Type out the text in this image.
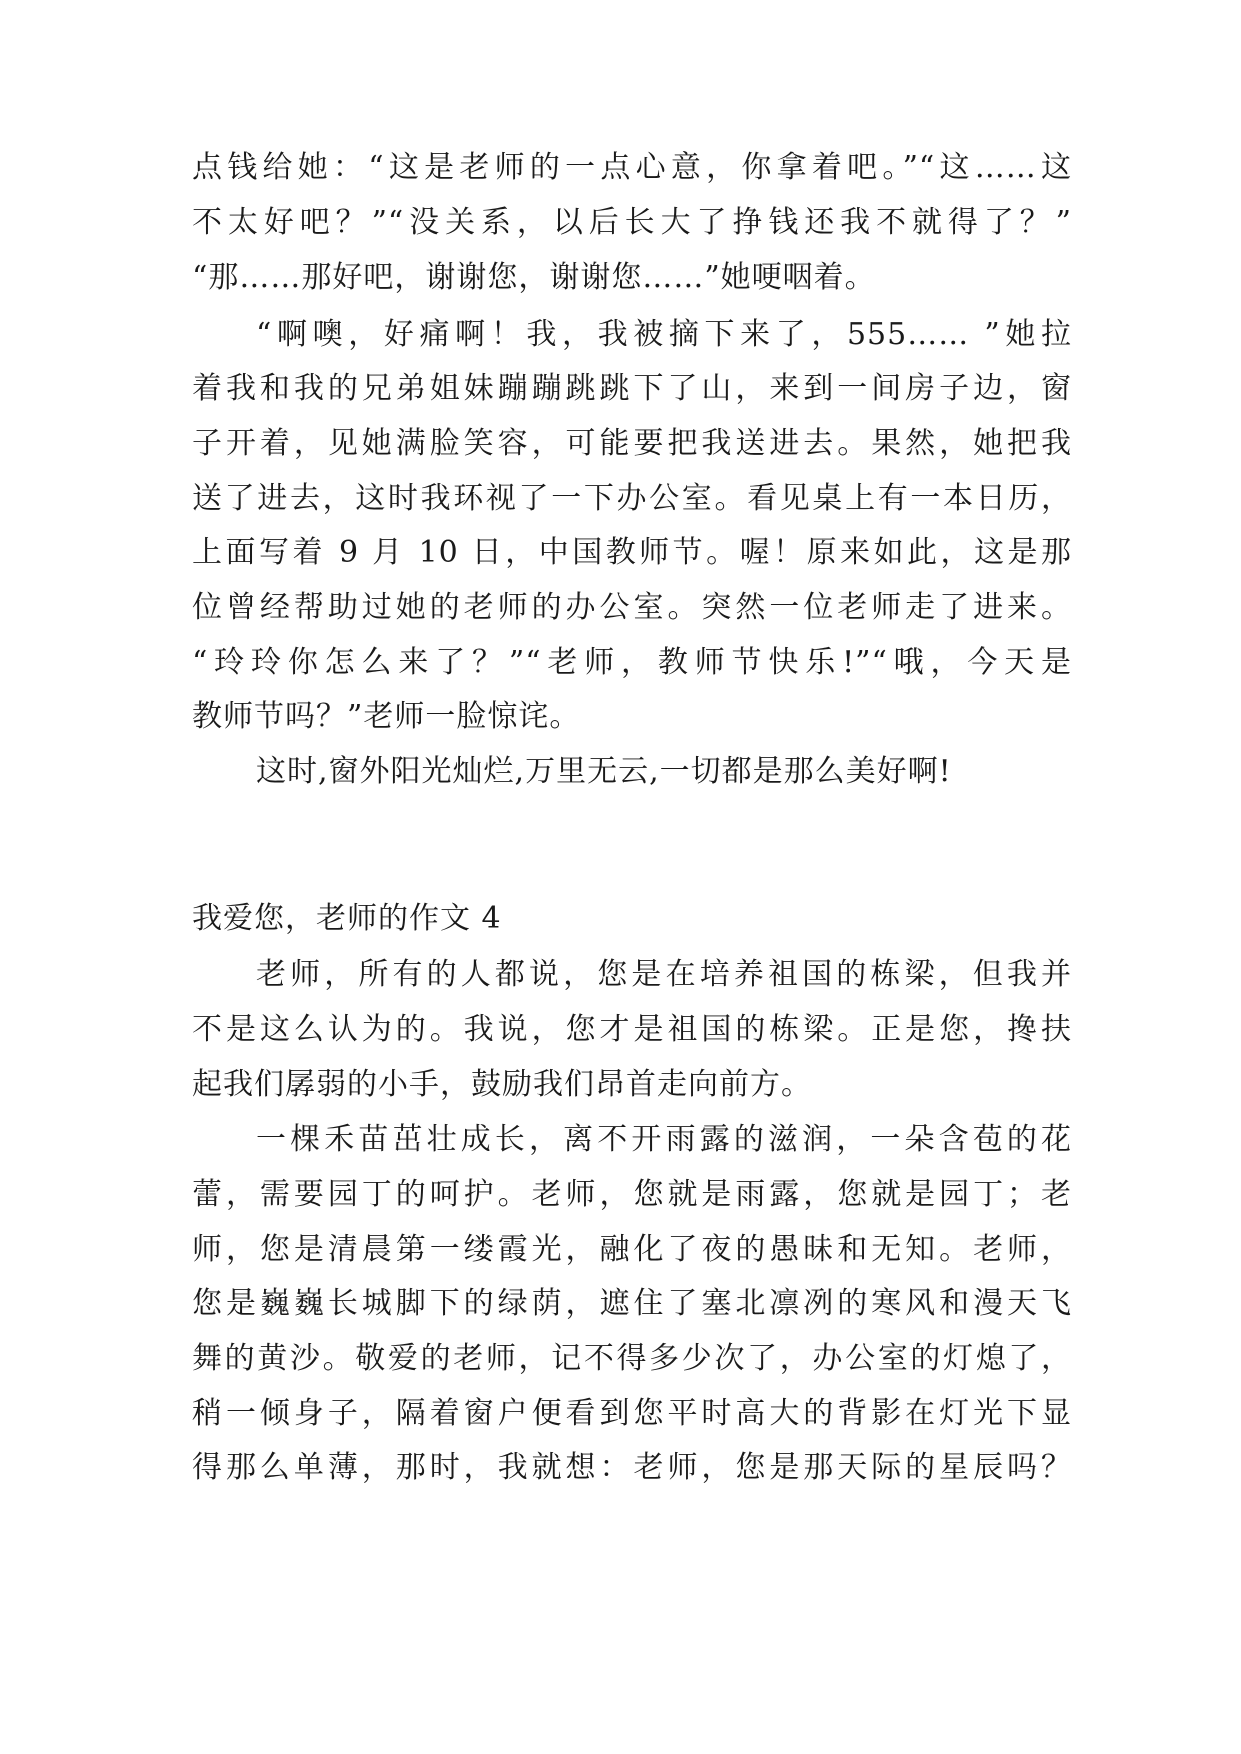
点钱给她：“这是老师的一点心意，你拿着吧。”“这……这
不太好吧？”“没关系，以后长大了挣钱还我不就得了？”
“那……那好吧，谢谢您，谢谢您……”她哽咽着。
“啊噢，好痛啊！我，我被摘下来了，555…… ”她拉
着我和我的兄弟姐妹蹦蹦跳跳下了山，来到一间房子边，窗
子开着，见她满脸笑容，可能要把我送进去。果然，她把我
送了进去，这时我环视了一下办公室。看见桌上有一本日历，
上面写着 9 月 10 日，中国教师节。喔！原来如此，这是那
位曾经帮助过她的老师的办公室。突然一位老师走了进来。
“玲玲你怎么来了？”“老师，教师节快乐!”“哦，今天是
教师节吗？”老师一脸惊诧。
这时,窗外阳光灿烂,万里无云,一切都是那么美好啊!
我爱您，老师的作文 4
老师，所有的人都说，您是在培养祖国的栋梁，但我并
不是这么认为的。我说，您才是祖国的栋梁。正是您，搀扶
起我们孱弱的小手，鼓励我们昂首走向前方。
一棵禾苗茁壮成长，离不开雨露的滋润，一朵含苞的花
蕾，需要园丁的呵护。老师，您就是雨露，您就是园丁；老
师，您是清晨第一缕霞光，融化了夜的愚昧和无知。老师，
您是巍巍长城脚下的绿荫，遮住了塞北凛冽的寒风和漫天飞
舞的黄沙。敬爱的老师，记不得多少次了，办公室的灯熄了，
稍一倾身子，隔着窗户便看到您平时高大的背影在灯光下显
得那么单薄，那时，我就想：老师，您是那天际的星辰吗？
